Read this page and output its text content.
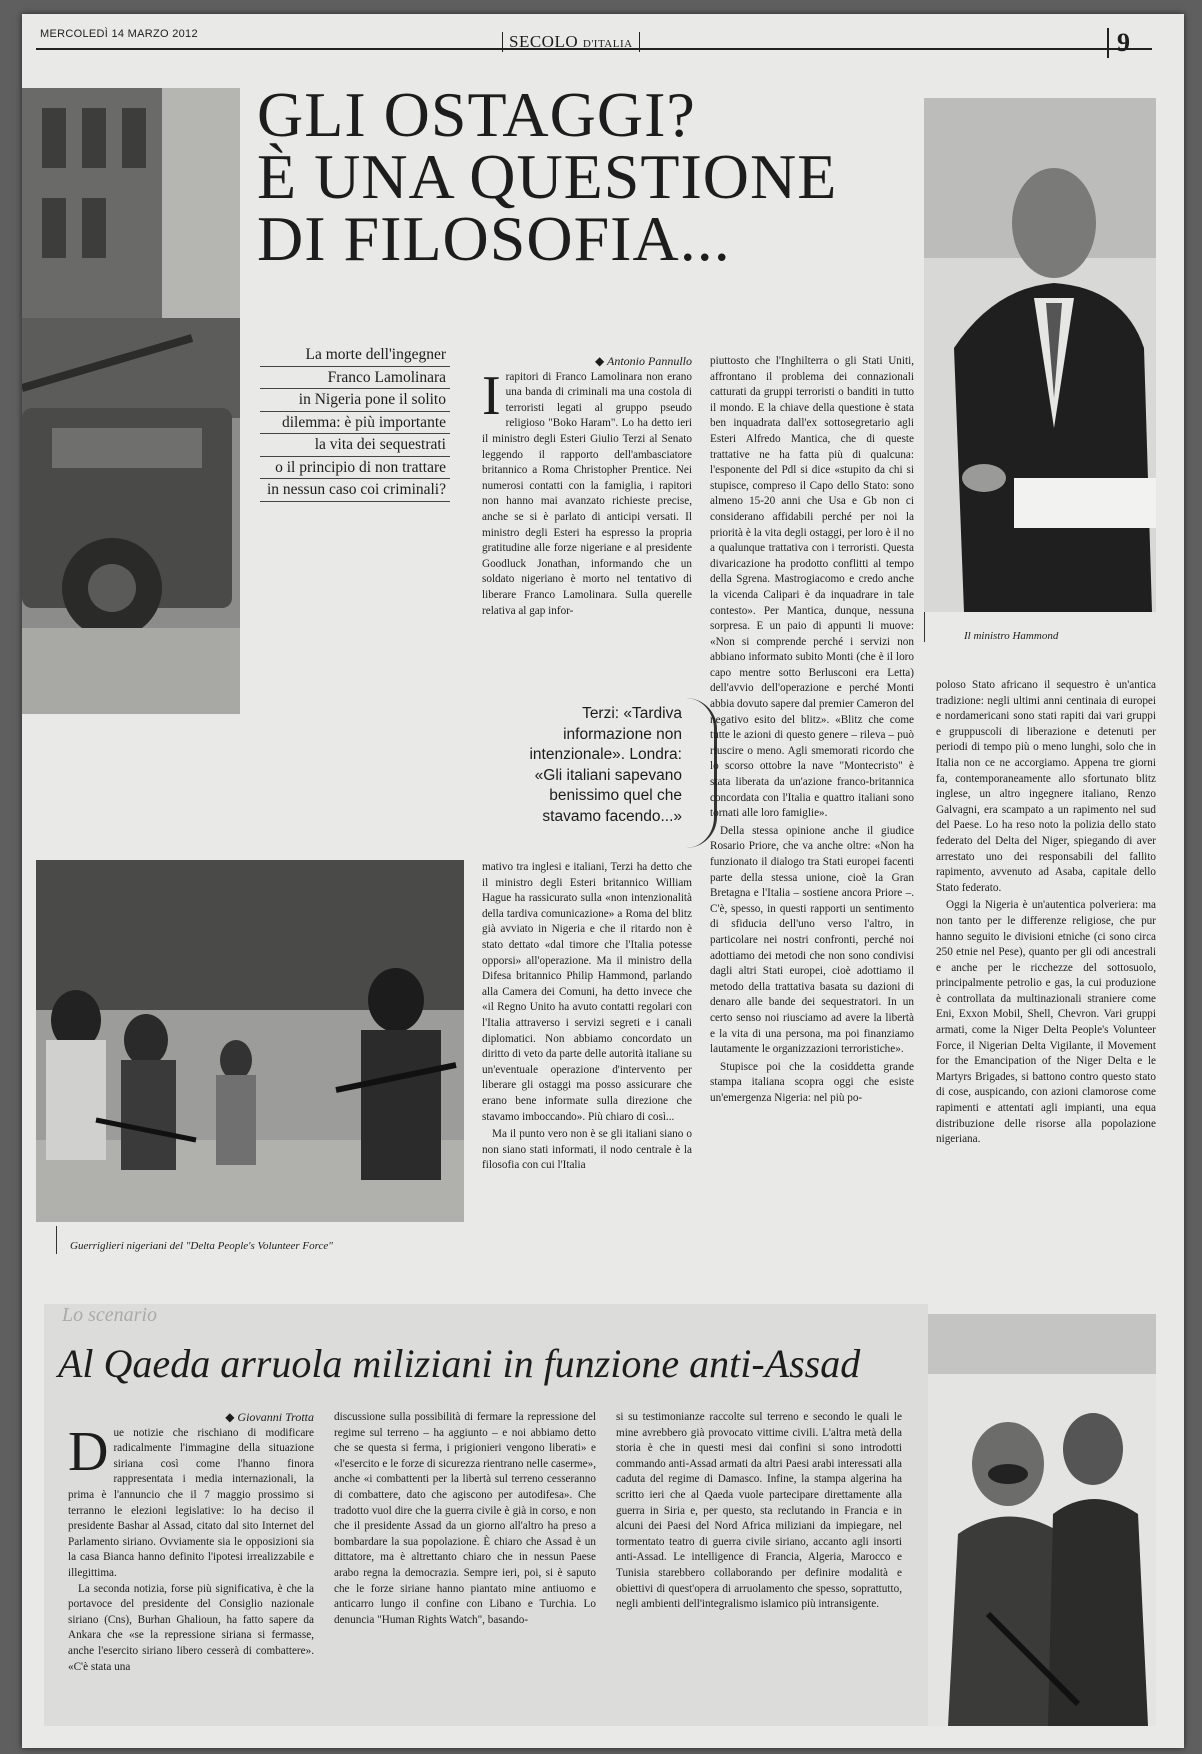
MERCOLEDÌ 14 MARZO 2012	SECOLO D'ITALIA	9
GLI OSTAGGI?
È UNA QUESTIONE
DI FILOSOFIA...
Il ministro Hammond
La morte dell'ingegner
Franco Lamolinara
in Nigeria pone il solito
dilemma: è più importante
la vita dei sequestrati
o il principio di non trattare
in nessun caso coi criminali?
◆ Antonio Pannullo
I rapitori di Franco Lamolinara non erano una banda di criminali ma una costola di terroristi legati al gruppo pseudo religioso "Boko Haram". Lo ha detto ieri il ministro degli Esteri Giulio Terzi al Senato leggendo il rapporto dell'ambasciatore britannico a Roma Christopher Prentice. Nei numerosi contatti con la famiglia, i rapitori non hanno mai avanzato richieste precise, anche se si è parlato di anticipi versati. Il ministro degli Esteri ha espresso la propria gratitudine alle forze nigeriane e al presidente Goodluck Jonathan, informando che un soldato nigeriano è morto nel tentativo di liberare Franco Lamolinara. Sulla querelle relativa al gap infor-
Terzi: «Tardiva informazione non intenzionale». Londra: «Gli italiani sapevano benissimo quel che stavamo facendo...»

piuttosto che l'Inghilterra o gli Stati Uniti, affrontano il problema dei connazionali catturati da gruppi terroristi o banditi in tutto il mondo. E la chiave della questione è stata ben inquadrata dall'ex sottosegretario agli Esteri Alfredo Mantica, che di queste trattative ne ha fatta più di qualcuna: l'esponente del Pdl si dice «stupito da chi si stupisce, compreso il Capo dello Stato: sono almeno 15-20 anni che Usa e Gb non ci considerano affidabili perché per noi la priorità è la vita degli ostaggi, per loro è il no a qualunque trattativa con i terroristi. Questa divaricazione ha prodotto conflitti al tempo della Sgrena. Mastrogiacomo e credo anche la vicenda Calipari è da inquadrare in tale contesto». Per Mantica, dunque, nessuna sorpresa. E un paio di appunti li muove: «Non si comprende perché i servizi non abbiano informato subito Monti (che è il loro capo mentre sotto Berlusconi era Letta) dell'avvio dell'operazione e perché Monti abbia dovuto sapere dal premier Cameron del negativo esito del blitz». «Blitz che come tutte le azioni di questo genere – rileva – può riuscire o meno. Agli smemorati ricordo che lo scorso ottobre la nave "Montecristo" è stata liberata da un'azione franco-britannica concordata con l'Italia e quattro italiani sono tornati alle loro famiglie».

Della stessa opinione anche il giudice Rosario Priore, che va anche oltre: «Non ha funzionato il dialogo tra Stati europei facenti parte della stessa unione, cioè la Gran Bretagna e l'Italia – sostiene ancora Priore –. C'è, spesso, in questi rapporti un sentimento di sfiducia dell'uno verso l'altro, in particolare nei nostri confronti, perché noi adottiamo dei metodi che non sono condivisi dagli altri Stati europei, cioè adottiamo il metodo della trattativa basata su dazioni di denaro alle bande dei sequestratori. In un certo senso noi riusciamo ad avere la libertà e la vita di una persona, ma poi finanziamo lautamente le organizzazioni terroristiche».

Stupisce poi che la cosiddetta grande stampa italiana scopra oggi che esiste un'emergenza Nigeria: nel più po-

poloso Stato africano il sequestro è un'antica tradizione: negli ultimi anni centinaia di europei e nordamericani sono stati rapiti dai vari gruppi e gruppuscoli di liberazione e detenuti per periodi di tempo più o meno lunghi, solo che in Italia non ce ne accorgiamo. Appena tre giorni fa, contemporaneamente allo sfortunato blitz inglese, un altro ingegnere italiano, Renzo Galvagni, era scampato a un rapimento nel sud del Paese. Lo ha reso noto la polizia dello stato federato del Delta del Niger, spiegando di aver arrestato uno dei responsabili del fallito rapimento, avvenuto ad Asaba, capitale dello Stato federato.

Oggi la Nigeria è un'autentica polveriera: ma non tanto per le differenze religiose, che pur hanno seguito le divisioni etniche (ci sono circa 250 etnie nel Pese), quanto per gli odi ancestrali e anche per le ricchezze del sottosuolo, principalmente petrolio e gas, la cui produzione è controllata da multinazionali straniere come Eni, Exxon Mobil, Shell, Chevron. Vari gruppi armati, come la Niger Delta People's Volunteer Force, il Nigerian Delta Vigilante, il Movement for the Emancipation of the Niger Delta e le Martyrs Brigades, si battono contro questo stato di cose, auspicando, con azioni clamorose come rapimenti e attentati agli impianti, una equa distribuzione delle risorse alla popolazione nigeriana.

Guerriglieri nigeriani del "Delta People's Volunteer Force"

mativo tra inglesi e italiani, Terzi ha detto che il ministro degli Esteri britannico William Hague ha rassicurato sulla «non intenzionalità della tardiva comunicazione» a Roma del blitz già avviato in Nigeria e che il ritardo non è stato dettato «dal timore che l'Italia potesse opporsi» all'operazione. Ma il ministro della Difesa britannico Philip Hammond, parlando alla Camera dei Comuni, ha detto invece che «il Regno Unito ha avuto contatti regolari con l'Italia attraverso i servizi segreti e i canali diplomatici. Non abbiamo concordato un diritto di veto da parte delle autorità italiane su un'eventuale operazione d'intervento per liberare gli ostaggi ma posso assicurare che erano bene informate sulla direzione che stavamo imboccando». Più chiaro di così...

Ma il punto vero non è se gli italiani siano o non siano stati informati, il nodo centrale è la filosofia con cui l'Italia

Lo scenario
Al Qaeda arruola miliziani in funzione anti-Assad
◆ Giovanni Trotta
D ue notizie che rischiano di modificare radicalmente l'immagine della situazione siriana così come l'hanno finora rappresentata i media internazionali, la prima è l'annuncio che il 7 maggio prossimo si terranno le elezioni legislative: lo ha deciso il presidente Bashar al Assad, citato dal sito Internet del Parlamento siriano. Ovviamente sia le opposizioni sia la casa Bianca hanno definito l'ipotesi irrealizzabile e illegittima.

La seconda notizia, forse più significativa, è che la portavoce del presidente del Consiglio nazionale siriano (Cns), Burhan Ghalioun, ha fatto sapere da Ankara che «se la repressione siriana si fermasse, anche l'esercito siriano libero cesserà di combattere». «C'è stata una

discussione sulla possibilità di fermare la repressione del regime sul terreno – ha aggiunto – e noi abbiamo detto che se questa si ferma, i prigionieri vengono liberati» e «l'esercito e le forze di sicurezza rientrano nelle caserme», anche «i combattenti per la libertà sul terreno cesseranno di combattere, dato che agiscono per autodifesa». Che tradotto vuol dire che la guerra civile è già in corso, e non che il presidente Assad da un giorno all'altro ha preso a bombardare la sua popolazione. È chiaro che Assad è un dittatore, ma è altrettanto chiaro che in nessun Paese arabo regna la democrazia. Sempre ieri, poi, si è saputo che le forze siriane hanno piantato mine antiuomo e anticarro lungo il confine con Libano e Turchia. Lo denuncia "Human Rights Watch", basando-

si su testimonianze raccolte sul terreno e secondo le quali le mine avrebbero già provocato vittime civili. L'altra metà della storia è che in questi mesi dai confini si sono introdotti commando anti-Assad armati da altri Paesi arabi interessati alla caduta del regime di Damasco. Infine, la stampa algerina ha scritto ieri che al Qaeda vuole partecipare direttamente alla guerra in Siria e, per questo, sta reclutando in Francia e in alcuni dei Paesi del Nord Africa miliziani da impiegare, nel tormentato teatro di guerra civile siriano, accanto agli insorti anti-Assad. Le intelligence di Francia, Algeria, Marocco e Tunisia starebbero collaborando per definire modalità e obiettivi di quest'opera di arruolamento che spesso, soprattutto, negli ambienti dell'integralismo islamico più intransigente.
